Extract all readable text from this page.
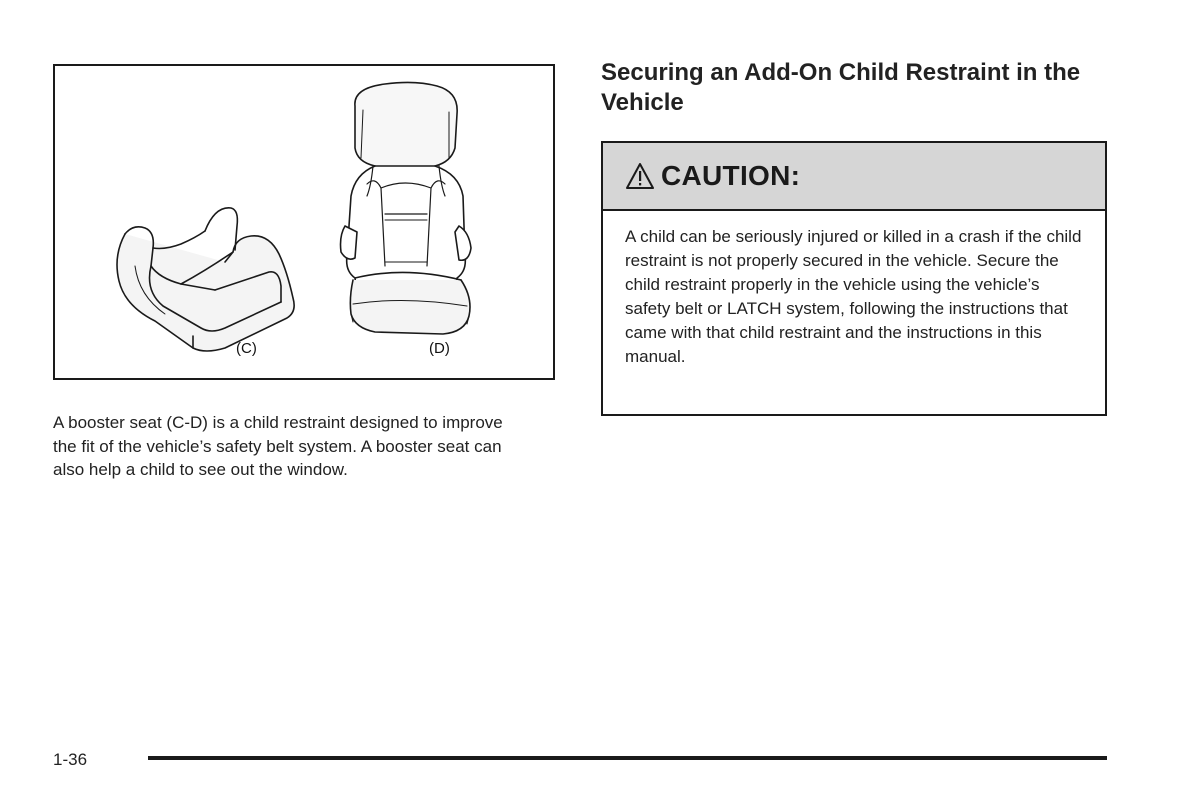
(C)	(D)

A booster seat (C-D) is a child restraint designed to improve the fit of the vehicle’s safety belt system. A booster seat can also help a child to see out the window.

Securing an Add-On Child Restraint in the Vehicle
CAUTION:

A child can be seriously injured or killed in a crash if the child restraint is not properly secured in the vehicle. Secure the child restraint properly in the vehicle using the vehicle’s safety belt or LATCH system, following the instructions that came with that child restraint and the instructions in this manual.

1-36
